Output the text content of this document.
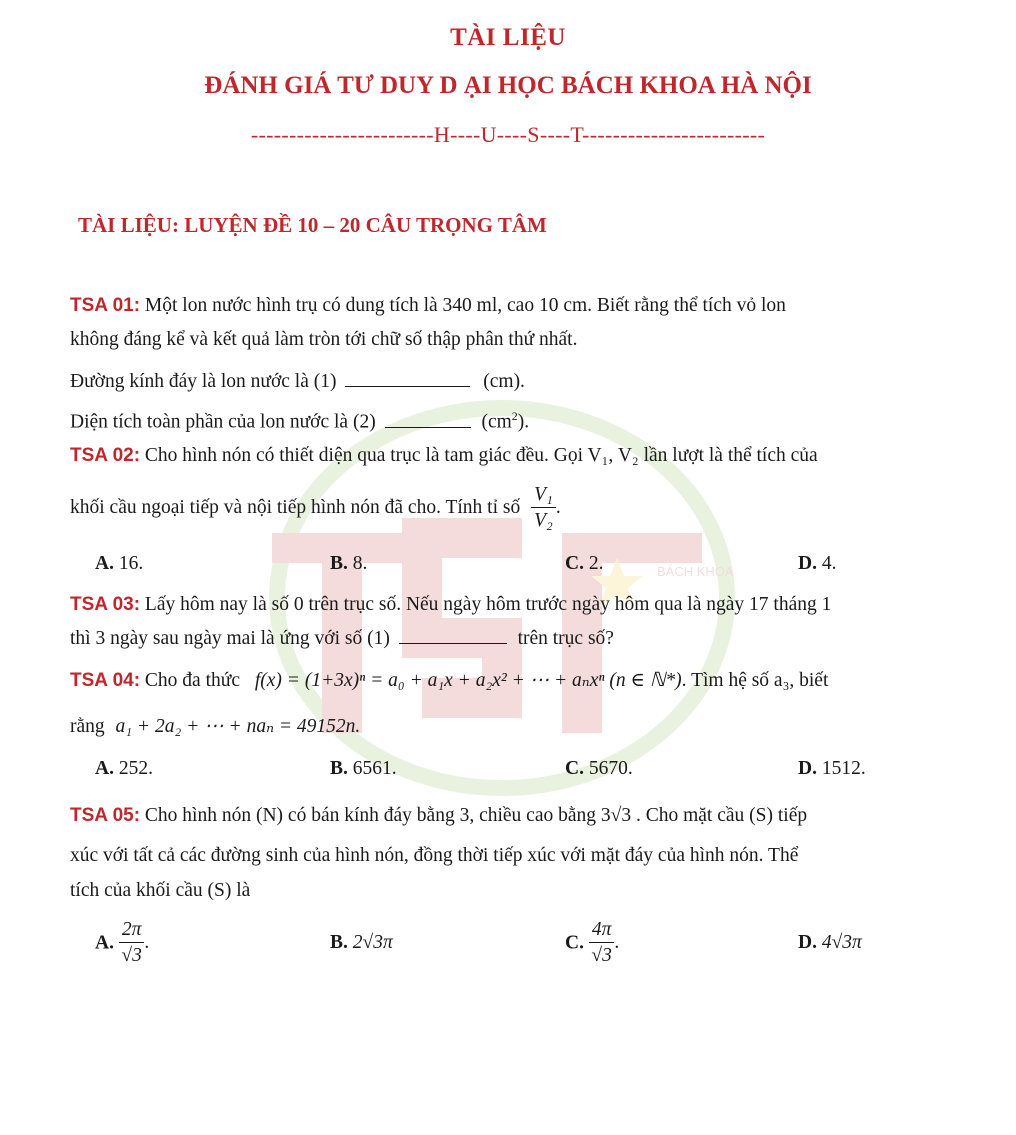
BÁCH KHOA
TÀI LIỆU
ĐÁNH GIÁ TƯ DUY D ẠI HỌC BÁCH KHOA HÀ NỘI
------------------------H----U----S----T------------------------
TÀI LIỆU: LUYỆN ĐỀ 10 – 20 CÂU TRỌNG TÂM
TSA 01: Một lon nước hình trụ có dung tích là 340 ml, cao 10 cm. Biết rằng thể tích vỏ lon
không đáng kể và kết quả làm tròn tới chữ số thập phân thứ nhất.
Đường kính đáy là lon nước là (1)	(cm).
Diện tích toàn phần của lon nước là (2)	$(cm^2)$.
TSA 02: Cho hình nón có thiết diện qua trục là tam giác đều. Gọi V₁, V₂ lần lượt là thể tích của
khối cầu ngoại tiếp và nội tiếp hình nón đã cho. Tính tỉ số $\frac{\text{V₁}}{\text{V₂}}$ .
A. 16.	B. 8.	C. 2.	D. 4.
TSA 03: Lấy hôm nay là số 0 trên trục số. Nếu ngày hôm trước ngày hôm qua là ngày 17 tháng 1
thì 3 ngày sau ngày mai là ứng với số (1)	trên trục số?
TSA 04: Cho đa thức f(x) = (1+3x)ⁿ = a₀ + a₁x + a₂x² + ⋯ + aₙxⁿ (n ∈ ℕ*). Tìm hệ số a₃, biết
rằng a₁ + 2a₂ + ⋯ + naₙ = 49152n.
A. 252.	B. 6561.	C. 5670.	D. 1512.
TSA 05: Cho hình nón (N) có bán kính đáy bằng 3, chiều cao bằng 3√3 . Cho mặt cầu (S) tiếp
xúc với tất cả các đường sinh của hình nón, đồng thời tiếp xúc với mặt đáy của hình nón. Thể
tích của khối cầu (S) là
A. $\frac{2\pi}{√3}$ .	B. 2√3π	C. $\frac{4\pi}{√3}$ .	D. 4√3π
